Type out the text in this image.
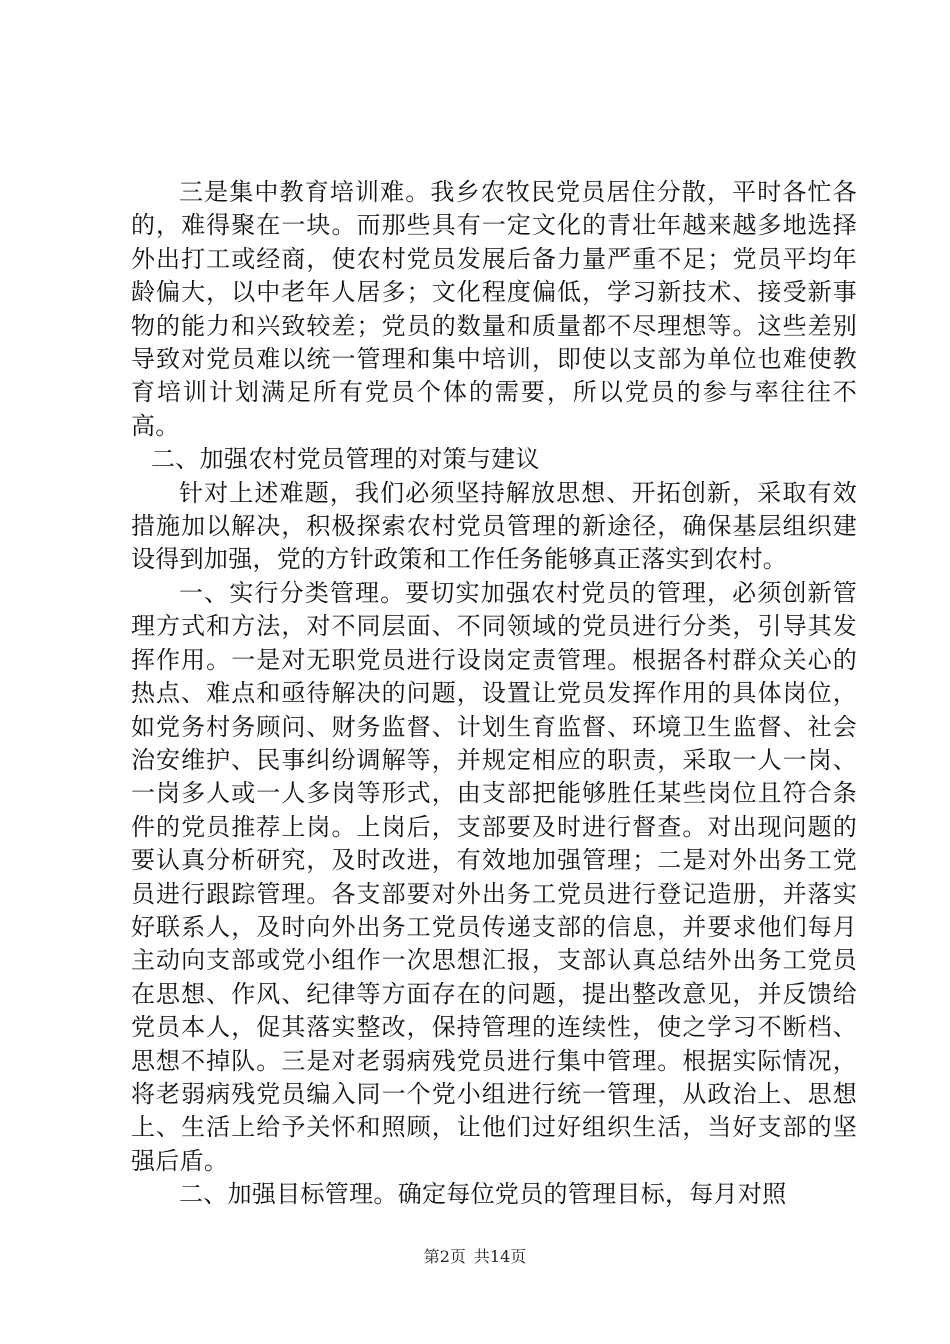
三是集中教育培训难。我乡农牧民党员居住分散，平时各忙各的，难得聚在一块。而那些具有一定文化的青壮年越来越多地选择外出打工或经商，使农村党员发展后备力量严重不足；党员平均年龄偏大，以中老年人居多；文化程度偏低，学习新技术、接受新事物的能力和兴致较差；党员的数量和质量都不尽理想等。这些差别导致对党员难以统一管理和集中培训，即使以支部为单位也难使教育培训计划满足所有党员个体的需要，所以党员的参与率往往不高。

二、加强农村党员管理的对策与建议

针对上述难题，我们必须坚持解放思想、开拓创新，采取有效措施加以解决，积极探索农村党员管理的新途径，确保基层组织建设得到加强，党的方针政策和工作任务能够真正落实到农村。

一、实行分类管理。要切实加强农村党员的管理，必须创新管理方式和方法，对不同层面、不同领域的党员进行分类，引导其发挥作用。一是对无职党员进行设岗定责管理。根据各村群众关心的热点、难点和亟待解决的问题，设置让党员发挥作用的具体岗位，如党务村务顾问、财务监督、计划生育监督、环境卫生监督、社会治安维护、民事纠纷调解等，并规定相应的职责，采取一人一岗、一岗多人或一人多岗等形式，由支部把能够胜任某些岗位且符合条件的党员推荐上岗。上岗后，支部要及时进行督查。对出现问题的要认真分析研究，及时改进，有效地加强管理；二是对外出务工党员进行跟踪管理。各支部要对外出务工党员进行登记造册，并落实好联系人，及时向外出务工党员传递支部的信息，并要求他们每月主动向支部或党小组作一次思想汇报，支部认真总结外出务工党员在思想、作风、纪律等方面存在的问题，提出整改意见，并反馈给党员本人，促其落实整改，保持管理的连续性，使之学习不断档、思想不掉队。三是对老弱病残党员进行集中管理。根据实际情况，将老弱病残党员编入同一个党小组进行统一管理，从政治上、思想上、生活上给予关怀和照顾，让他们过好组织生活，当好支部的坚强后盾。

二、加强目标管理。确定每位党员的管理目标，每月对照

第2页 共14页
